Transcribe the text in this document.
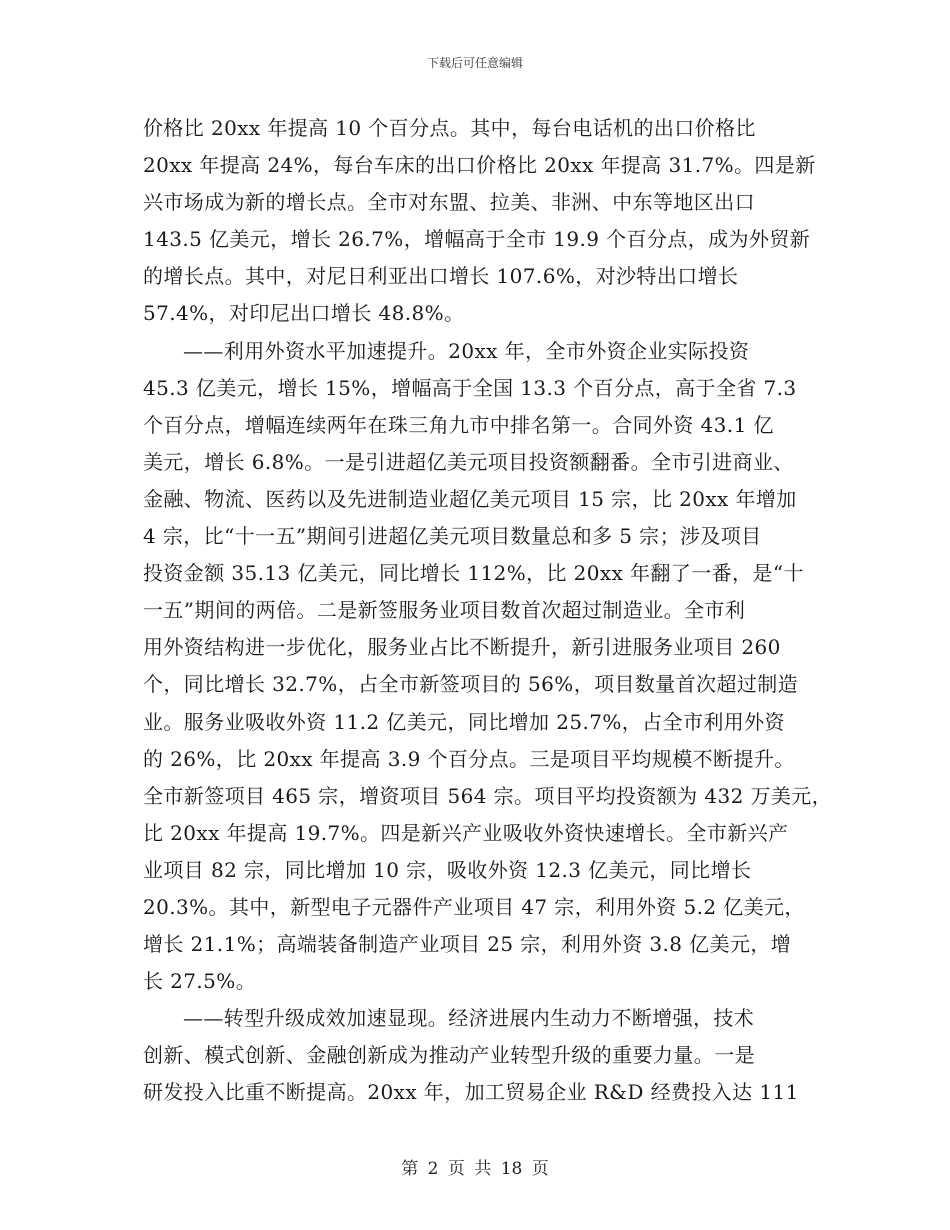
下载后可任意编辑
价格比 20xx 年提高 10 个百分点。其中，每台电话机的出口价格比
20xx 年提高 24%，每台车床的出口价格比 20xx 年提高 31.7%。四是新
兴市场成为新的增长点。全市对东盟、拉美、非洲、中东等地区出口
143.5 亿美元，增长 26.7%，增幅高于全市 19.9 个百分点，成为外贸新
的增长点。其中，对尼日利亚出口增长 107.6%，对沙特出口增长
57.4%，对印尼出口增长 48.8%。
——利用外资水平加速提升。20xx 年，全市外资企业实际投资
45.3 亿美元，增长 15%，增幅高于全国 13.3 个百分点，高于全省 7.3
个百分点，增幅连续两年在珠三角九市中排名第一。合同外资 43.1 亿
美元，增长 6.8%。一是引进超亿美元项目投资额翻番。全市引进商业、
金融、物流、医药以及先进制造业超亿美元项目 15 宗，比 20xx 年增加
4 宗，比“十一五”期间引进超亿美元项目数量总和多 5 宗；涉及项目
投资金额 35.13 亿美元，同比增长 112%，比 20xx 年翻了一番，是“十
一五”期间的两倍。二是新签服务业项目数首次超过制造业。全市利
用外资结构进一步优化，服务业占比不断提升，新引进服务业项目 260
个，同比增长 32.7%，占全市新签项目的 56%，项目数量首次超过制造
业。服务业吸收外资 11.2 亿美元，同比增加 25.7%，占全市利用外资
的 26%，比 20xx 年提高 3.9 个百分点。三是项目平均规模不断提升。
全市新签项目 465 宗，增资项目 564 宗。项目平均投资额为 432 万美元，
比 20xx 年提高 19.7%。四是新兴产业吸收外资快速增长。全市新兴产
业项目 82 宗，同比增加 10 宗，吸收外资 12.3 亿美元，同比增长
20.3%。其中，新型电子元器件产业项目 47 宗，利用外资 5.2 亿美元，
增长 21.1%；高端装备制造产业项目 25 宗，利用外资 3.8 亿美元，增
长 27.5%。
——转型升级成效加速显现。经济进展内生动力不断增强，技术
创新、模式创新、金融创新成为推动产业转型升级的重要力量。一是
研发投入比重不断提高。20xx 年，加工贸易企业 R&D 经费投入达 111
第 2 页 共 18 页
